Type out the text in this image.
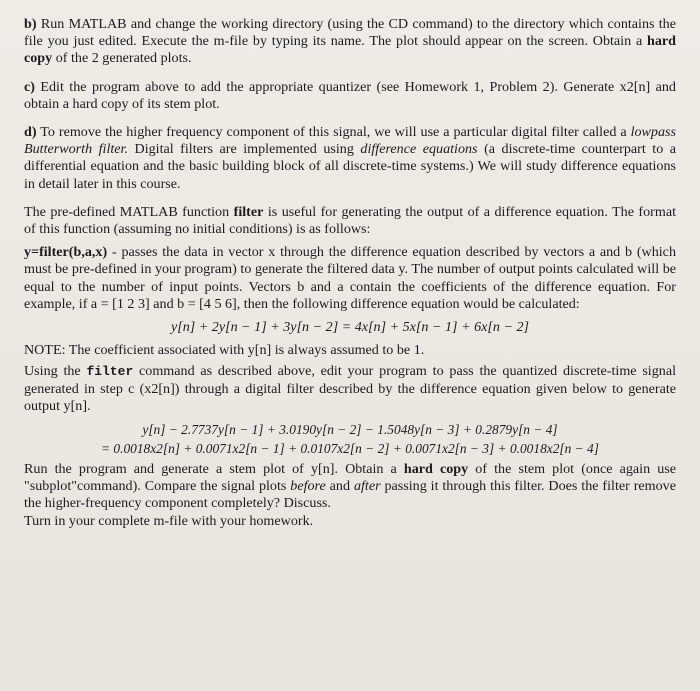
b) Run MATLAB and change the working directory (using the CD command) to the directory which contains the file you just edited. Execute the m-file by typing its name. The plot should appear on the screen. Obtain a hard copy of the 2 generated plots.

c) Edit the program above to add the appropriate quantizer (see Homework 1, Problem 2). Generate x2[n] and obtain a hard copy of its stem plot.

d) To remove the higher frequency component of this signal, we will use a particular digital filter called a lowpass Butterworth filter. Digital filters are implemented using difference equations (a discrete-time counterpart to a differential equation and the basic building block of all discrete-time systems.) We will study difference equations in detail later in this course.

The pre-defined MATLAB function filter is useful for generating the output of a difference equation. The format of this function (assuming no initial conditions) is as follows:

y=filter(b,a,x) - passes the data in vector x through the difference equation described by vectors a and b (which must be pre-defined in your program) to generate the filtered data y. The number of output points calculated will be equal to the number of input points. Vectors b and a contain the coefficients of the difference equation. For example, if a = [1 2 3] and b = [4 5 6], then the following difference equation would be calculated:

y[n] + 2y[n − 1] + 3y[n − 2] = 4x[n] + 5x[n − 1] + 6x[n − 2]

NOTE: The coefficient associated with y[n] is always assumed to be 1.

Using the filter command as described above, edit your program to pass the quantized discrete-time signal generated in step c (x2[n]) through a digital filter described by the difference equation given below to generate output y[n].

y[n] − 2.7737y[n − 1] + 3.0190y[n − 2] − 1.5048y[n − 3] + 0.2879y[n − 4]

= 0.0018x2[n] + 0.0071x2[n − 1] + 0.0107x2[n − 2] + 0.0071x2[n − 3] + 0.0018x2[n − 4]

Run the program and generate a stem plot of y[n]. Obtain a hard copy of the stem plot (once again use "subplot"command). Compare the signal plots before and after passing it through this filter. Does the filter remove the higher-frequency component completely? Discuss.

Turn in your complete m-file with your homework.
